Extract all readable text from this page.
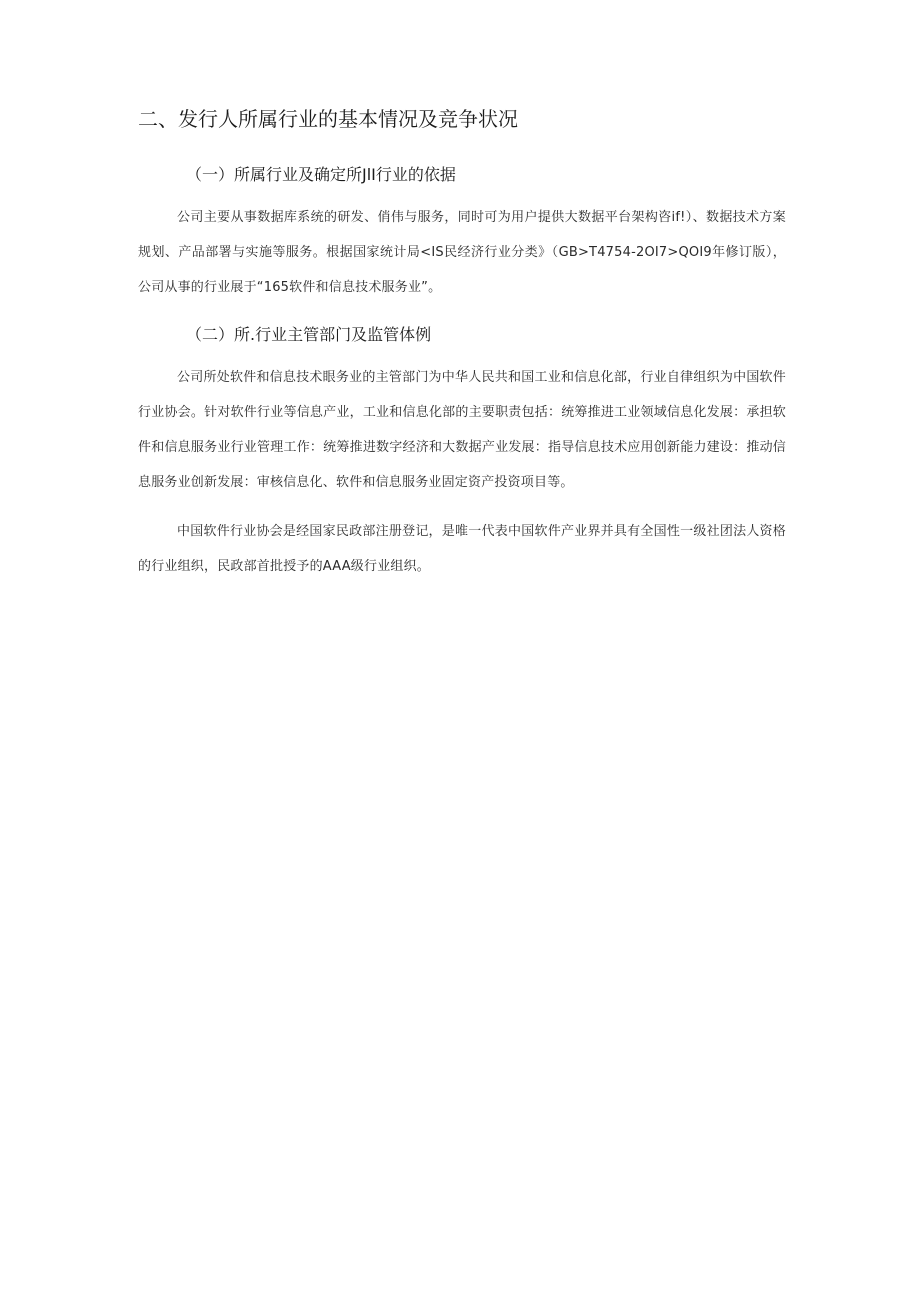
二、发行人所属行业的基本情况及竞争状况
（一）所属行业及确定所JlI行业的依据

公司主要从事数据库系统的研发、俏伟与服务，同时可为用户提供大数据平台架构咨if!）、数据技术方案规划、产品部署与实施等服务。根据国家统计局<IS民经济行业分类》（GB>T4754-2OI7>QOI9年修订版），公司从事的行业展于“165软件和信息技术服务业”。

（二）所.行业主管部门及监管体例

公司所处软件和信息技术眼务业的主管部门为中华人民共和国工业和信息化部，行业自律组织为中国软件行业协会。针对软件行业等信息产业，工业和信息化部的主要职责包括：统筹推进工业领域信息化发展：承担软件和信息服务业行业管理工作：统筹推进数字经济和大数据产业发展：指导信息技术应用创新能力建设：推动信息服务业创新发展：审核信息化、软件和信息服务业固定资产投资项目等。

中国软件行业协会是经国家民政部注册登记，是唯一代表中国软件产业界并具有全国性一级社团法人资格的行业组织，民政部首批授予的AAA级行业组织。
